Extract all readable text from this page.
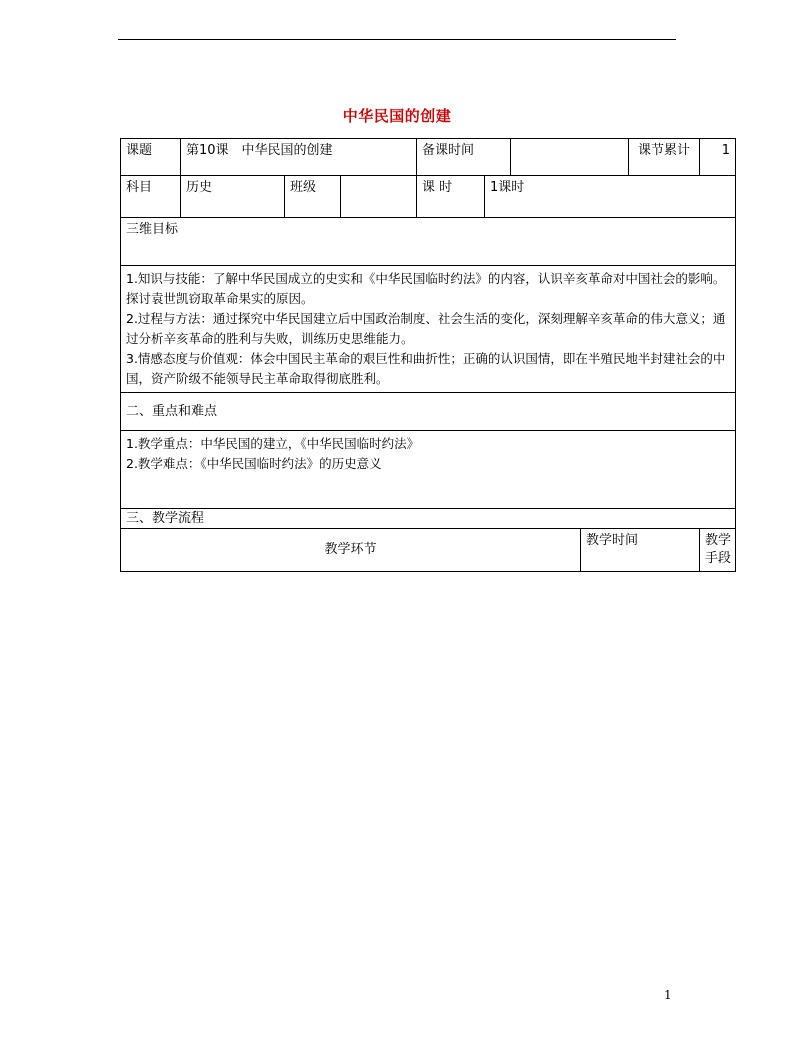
中华民国的创建
课题	第10课　中华民国的创建			备课时间				课节累计	1
科目	历史	班级		课 时	1课时				
三维目标									

1.知识与技能：了解中华民国成立的史实和《中华民国临时约法》的内容，认识辛亥革命对中国社会的影响。探讨袁世凯窃取革命果实的原因。

2.过程与方法：通过探究中华民国建立后中国政治制度、社会生活的变化，深刻理解辛亥革命的伟大意义；通过分析辛亥革命的胜利与失败，训练历史思维能力。

3.情感态度与价值观：体会中国民主革命的艰巨性和曲折性；正确的认识国情，即在半殖民地半封建社会的中国，资产阶级不能领导民主革命取得彻底胜利。									

二、重点和难点									

1.教学重点：中华民国的建立，《中华民国临时约法》

2.教学难点：《中华民国临时约法》的历史意义									

三、教学流程									
教学环节							教学时间		教学手段
1
